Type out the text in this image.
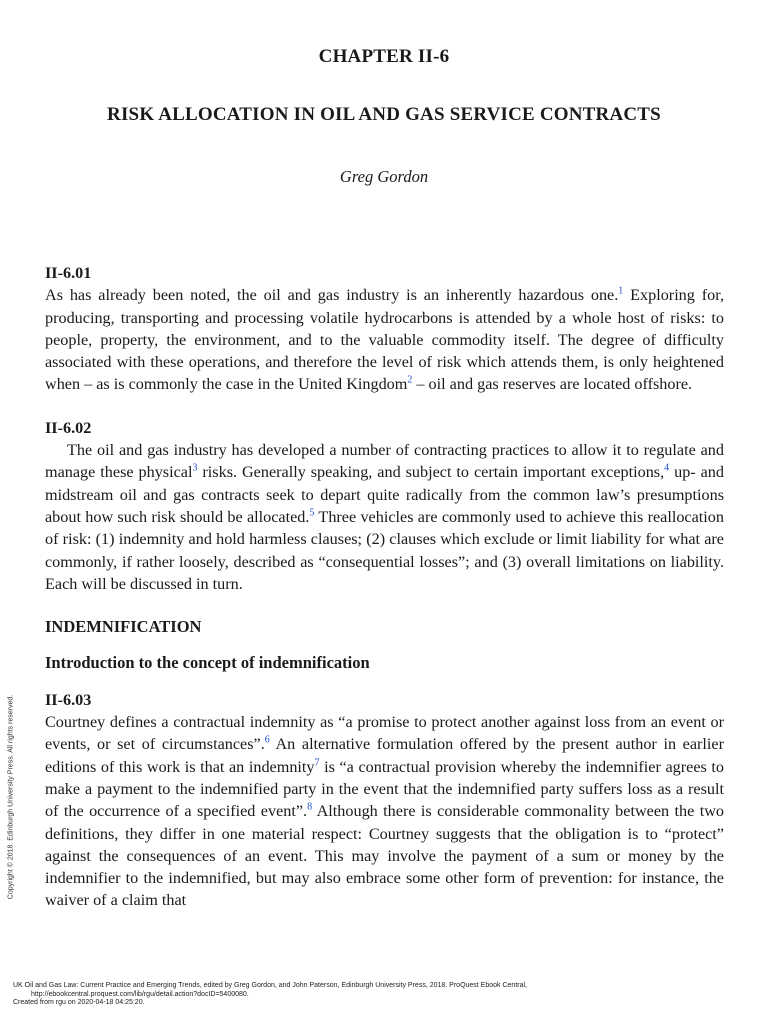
CHAPTER II-6
RISK ALLOCATION IN OIL AND GAS SERVICE CONTRACTS
Greg Gordon
II-6.01

As has already been noted, the oil and gas industry is an inherently hazardous one.$^1$ Exploring for, producing, transporting and processing volatile hydrocarbons is attended by a whole host of risks: to people, property, the environment, and to the valuable commodity itself. The degree of difficulty associated with these operations, and therefore the level of risk which attends them, is only heightened when – as is commonly the case in the United Kingdom$^2$ – oil and gas reserves are located offshore.

II-6.02

The oil and gas industry has developed a number of contracting practices to allow it to regulate and manage these physical$^3$ risks. Generally speaking, and subject to certain important exceptions,$^4$ up- and midstream oil and gas contracts seek to depart quite radically from the common law’s presumptions about how such risk should be allocated.$^5$ Three vehicles are commonly used to achieve this reallocation of risk: (1) indemnity and hold harmless clauses; (2) clauses which exclude or limit liability for what are commonly, if rather loosely, described as “consequential losses”; and (3) overall limitations on liability. Each will be discussed in turn.

INDEMNIFICATION
Introduction to the concept of indemnification
II-6.03

Courtney defines a contractual indemnity as “a promise to protect another against loss from an event or events, or set of circumstances”.$^6$ An alternative formulation offered by the present author in earlier editions of this work is that an indemnity$^7$ is “a contractual provision whereby the indemnifier agrees to make a payment to the indemnified party in the event that the indemnified party suffers loss as a result of the occurrence of a specified event”.$^8$ Although there is considerable commonality between the two definitions, they differ in one material respect: Courtney suggests that the obligation is to “protect” against the consequences of an event. This may involve the payment of a sum or money by the indemnifier to the indemnified, but may also embrace some other form of prevention: for instance, the waiver of a claim that

Copyright © 2018. Edinburgh University Press. All rights reserved.
UK Oil and Gas Law: Current Practice and Emerging Trends, edited by Greg Gordon, and John Paterson, Edinburgh University Press, 2018. ProQuest Ebook Central,
http://ebookcentral.proquest.com/lib/rgu/detail.action?docID=5400080.
Created from rgu on 2020-04-18 04:25:20.
